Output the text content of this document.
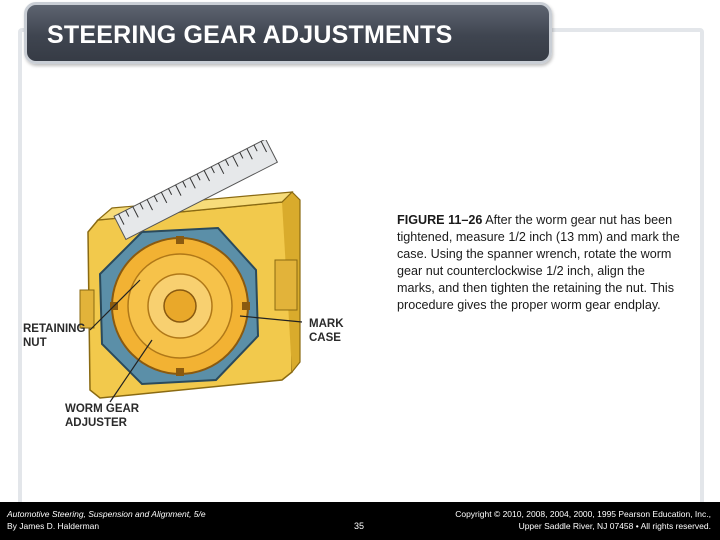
STEERING GEAR ADJUSTMENTS
RETAINING
NUT
MARK
CASE
WORM GEAR
ADJUSTER
FIGURE 11–26 After the worm gear nut has been tightened, measure 1/2 inch (13 mm) and mark the case. Using the spanner wrench, rotate the worm gear nut counterclockwise 1/2 inch, align the marks, and then tighten the retaining the nut. This procedure gives the proper worm gear endplay.
Automotive Steering, Suspension and Alignment, 5/e
By James D. Halderman	35
Copyright © 2010, 2008, 2004, 2000, 1995 Pearson Education, Inc.,
Upper Saddle River, NJ 07458 • All rights reserved.
